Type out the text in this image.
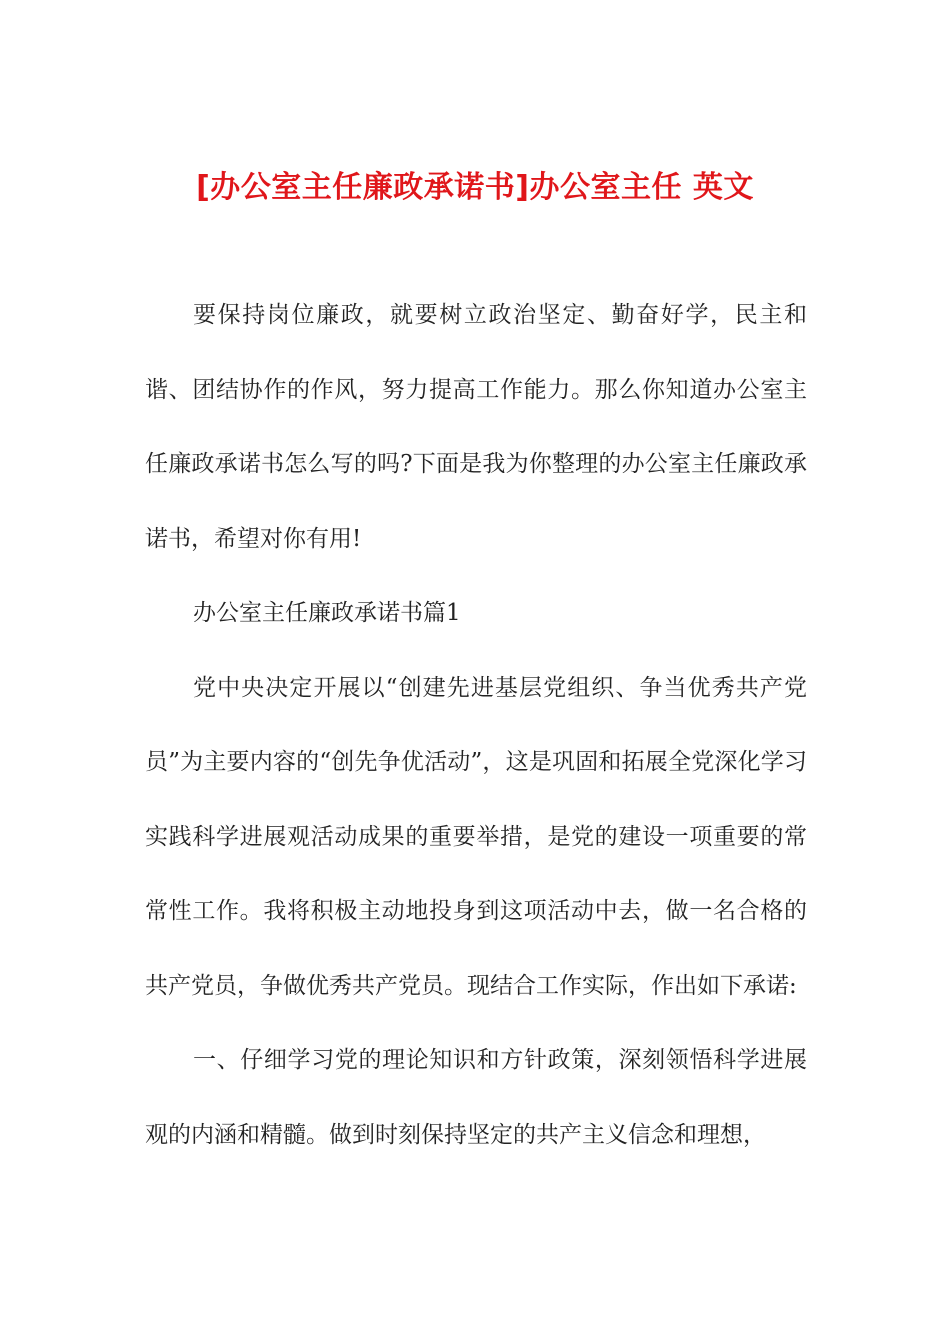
[办公室主任廉政承诺书]办公室主任 英文

要保持岗位廉政，就要树立政治坚定、勤奋好学，民主和谐、团结协作的作风，努力提高工作能力。那么你知道办公室主任廉政承诺书怎么写的吗?下面是我为你整理的办公室主任廉政承诺书，希望对你有用!

办公室主任廉政承诺书篇1

党中央决定开展以“创建先进基层党组织、争当优秀共产党员”为主要内容的“创先争优活动”，这是巩固和拓展全党深化学习实践科学进展观活动成果的重要举措，是党的建设一项重要的常常性工作。我将积极主动地投身到这项活动中去，做一名合格的共产党员，争做优秀共产党员。现结合工作实际，作出如下承诺:

一、仔细学习党的理论知识和方针政策，深刻领悟科学进展观的内涵和精髓。做到时刻保持坚定的共产主义信念和理想，
